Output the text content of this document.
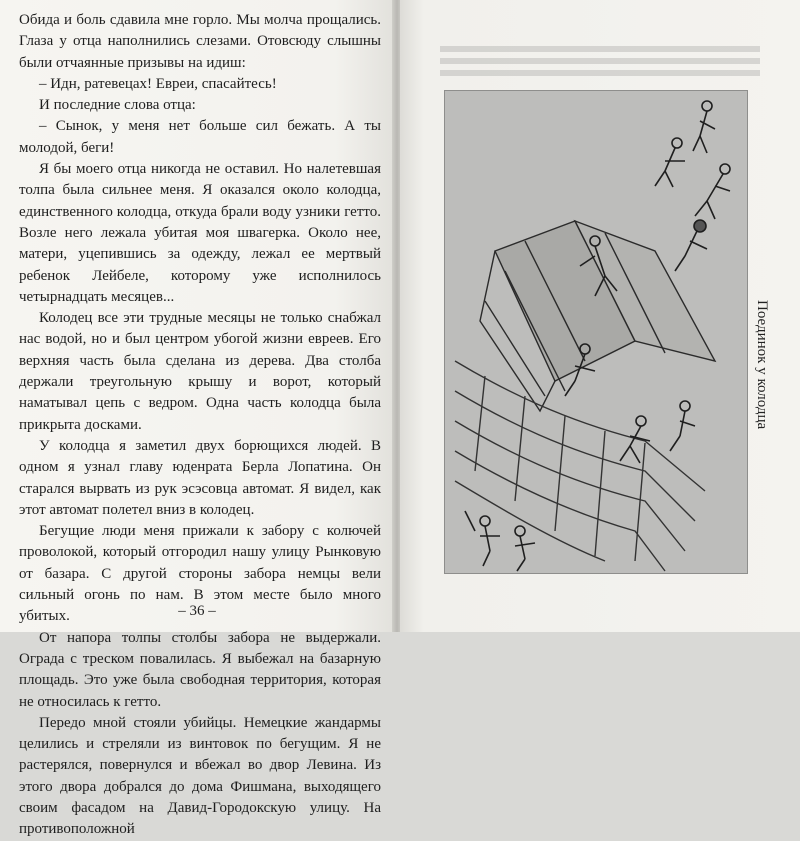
Обида и боль сдавила мне горло. Мы молча прощались. Глаза у отца наполнились слезами. Отовсюду слышны были отчаянные призывы на идиш:

– Идн, ратевецах! Евреи, спасайтесь!

И последние слова отца:

– Сынок, у меня нет больше сил бежать. А ты молодой, беги!

Я бы моего отца никогда не оставил. Но налетевшая толпа была сильнее меня. Я оказался около колодца, единственного колодца, откуда брали воду узники гетто. Возле него лежала убитая моя швагерка. Около нее, матери, уцепившись за одежду, лежал ее мертвый ребенок Лейбеле, которому уже исполнилось четырнадцать месяцев...

Колодец все эти трудные месяцы не только снабжал нас водой, но и был центром убогой жизни евреев. Его верхняя часть была сделана из дерева. Два столба держали треугольную крышу и ворот, который наматывал цепь с ведром. Одна часть колодца была прикрыта досками.

У колодца я заметил двух борющихся людей. В одном я узнал главу юденрата Берла Лопатина. Он старался вырвать из рук эсэсовца автомат. Я видел, как этот автомат полетел вниз в колодец.

Бегущие люди меня прижали к забору с колючей проволокой, который отгородил нашу улицу Рынковую от базара. С другой стороны забора немцы вели сильный огонь по нам. В этом месте было много убитых.

От напора толпы столбы забора не выдержали. Ограда с треском повалилась. Я выбежал на базарную площадь. Это уже была свободная территория, которая не относилась к гетто.

Передо мной стояли убийцы. Немецкие жандармы целились и стреляли из винтовок по бегущим. Я не растерялся, повернулся и вбежал во двор Левина. Из этого двора добрался до дома Фишмана, выходящего своим фасадом на Давид-Городокскую улицу. На противоположной

– 36 –
Поединок у колодца
